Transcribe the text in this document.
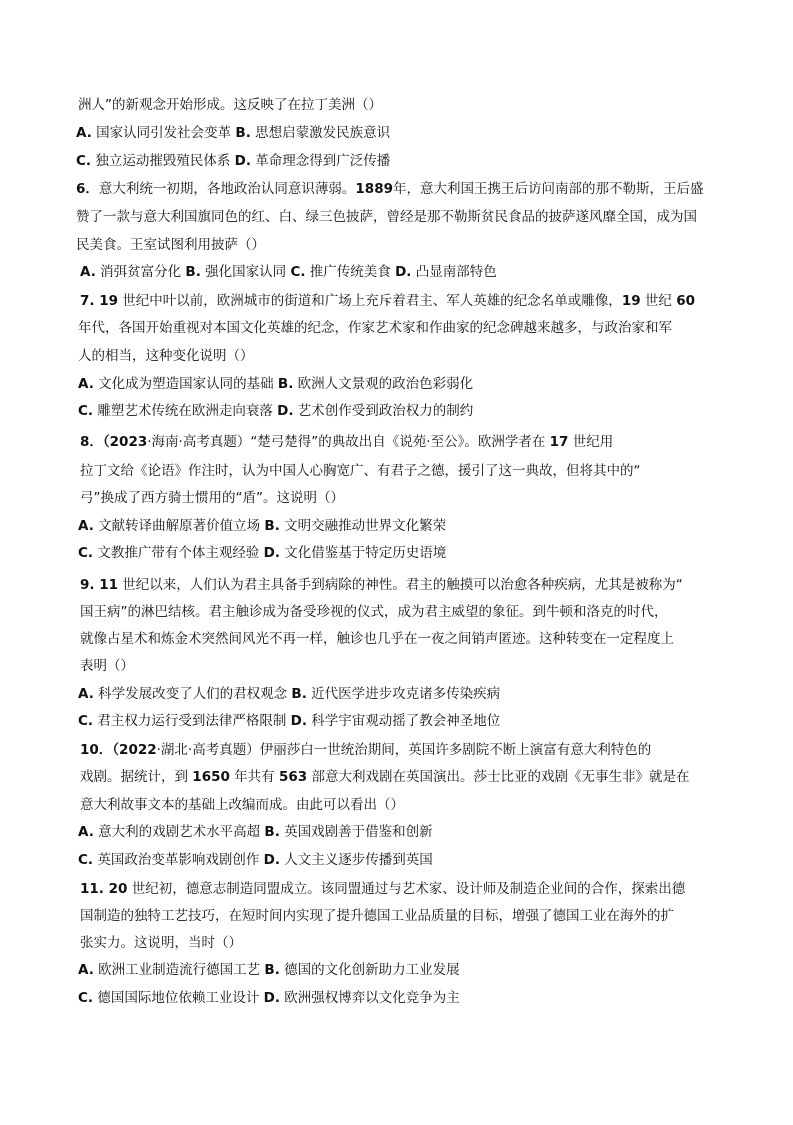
洲人”的新观念开始形成。这反映了在拉丁美洲（）
A. 国家认同引发社会变革 B. 思想启蒙激发民族意识
C. 独立运动摧毁殖民体系 D. 革命理念得到广泛传播
6．意大利统一初期，各地政治认同意识薄弱。1889年，意大利国王携王后访问南部的那不勒斯，王后盛
赞了一款与意大利国旗同色的红、白、绿三色披萨，曾经是那不勒斯贫民食品的披萨遂风靡全国，成为国
民美食。王室试图利用披萨（）
A. 消弭贫富分化 B. 强化国家认同 C. 推广传统美食 D. 凸显南部特色
7. 19 世纪中叶以前，欧洲城市的街道和广场上充斥着君主、军人英雄的纪念名单或雕像，19 世纪 60
年代，各国开始重视对本国文化英雄的纪念，作家艺术家和作曲家的纪念碑越来越多，与政治家和军
人的相当，这种变化说明（）
A. 文化成为塑造国家认同的基础 B. 欧洲人文景观的政治色彩弱化
C. 雕塑艺术传统在欧洲走向衰落 D. 艺术创作受到政治权力的制约
8．（2023·海南·高考真题）“楚弓楚得”的典故出自《说苑·至公》。欧洲学者在 17 世纪用
拉丁文给《论语》作注时，认为中国人心胸宽广、有君子之德，援引了这一典故，但将其中的“
弓”换成了西方骑士惯用的“盾”。这说明（）
A. 文献转译曲解原著价值立场 B. 文明交融推动世界文化繁荣
C. 文教推广带有个体主观经验 D. 文化借鉴基于特定历史语境
9. 11 世纪以来，人们认为君主具备手到病除的神性。君主的触摸可以治愈各种疾病，尤其是被称为“
国王病”的淋巴结核。君主触诊成为备受珍视的仪式，成为君主威望的象征。到牛顿和洛克的时代，
就像占星术和炼金术突然间风光不再一样，触诊也几乎在一夜之间销声匿迹。这种转变在一定程度上
表明（）
A. 科学发展改变了人们的君权观念 B. 近代医学进步攻克诸多传染疾病
C. 君主权力运行受到法律严格限制 D. 科学宇宙观动摇了教会神圣地位
10．（2022·湖北·高考真题）伊丽莎白一世统治期间，英国许多剧院不断上演富有意大利特色的
戏剧。据统计，到 1650 年共有 563 部意大利戏剧在英国演出。莎士比亚的戏剧《无事生非》就是在
意大利故事文本的基础上改编而成。由此可以看出（）
A. 意大利的戏剧艺术水平高超 B. 英国戏剧善于借鉴和创新
C. 英国政治变革影响戏剧创作 D. 人文主义逐步传播到英国
11. 20 世纪初，德意志制造同盟成立。该同盟通过与艺术家、设计师及制造企业间的合作，探索出德
国制造的独特工艺技巧，在短时间内实现了提升德国工业品质量的目标，增强了德国工业在海外的扩
张实力。这说明，当时（）
A. 欧洲工业制造流行德国工艺 B. 德国的文化创新助力工业发展
C. 德国国际地位依赖工业设计 D. 欧洲强权博弈以文化竞争为主
